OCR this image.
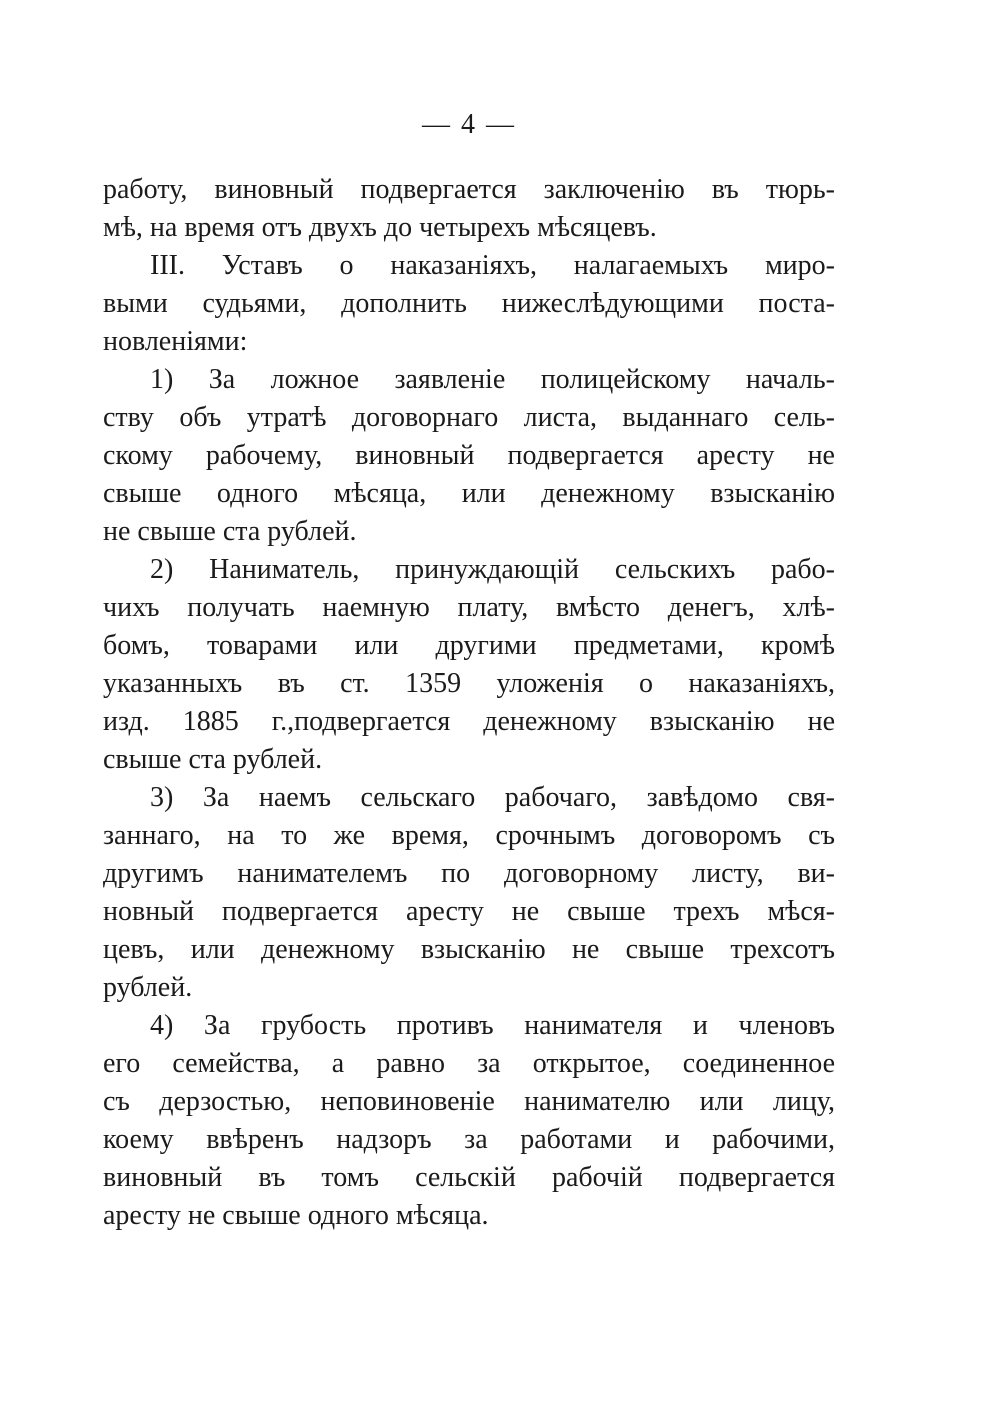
— 4 —
работу, виновный подвергается заключенію въ тюрь-
мѣ, на время отъ двухъ до четырехъ мѣсяцевъ.
III. Уставъ о наказаніяхъ, налагаемыхъ миро-
выми судьями, дополнить нижеслѣдующими поста-
новленіями:
1) За ложное заявленіе полицейскому началь-
ству объ утратѣ договорнаго листа, выданнаго сель-
скому рабочему, виновный подвергается аресту не
свыше одного мѣсяца, или денежному взысканію
не свыше ста рублей.
2) Наниматель, принуждающій сельскихъ рабо-
чихъ получать наемную плату, вмѣсто денегъ, хлѣ-
бомъ, товарами или другими предметами, кромѣ
указанныхъ въ ст. 1359 уложенія о наказаніяхъ,
изд. 1885 г.,подвергается денежному взысканію не
свыше ста рублей.
3) За наемъ сельскаго рабочаго, завѣдомо свя-
заннаго, на то же время, срочнымъ договоромъ съ
другимъ нанимателемъ по договорному листу, ви-
новный подвергается аресту не свыше трехъ мѣся-
цевъ, или денежному взысканію не свыше трехсотъ
рублей.
4) За грубость противъ нанимателя и членовъ
его семейства, а равно за открытое, соединенное
съ дерзостью, неповиновеніе нанимателю или лицу,
коему ввѣренъ надзоръ за работами и рабочими,
виновный въ томъ сельскій рабочій подвергается
аресту не свыше одного мѣсяца.
